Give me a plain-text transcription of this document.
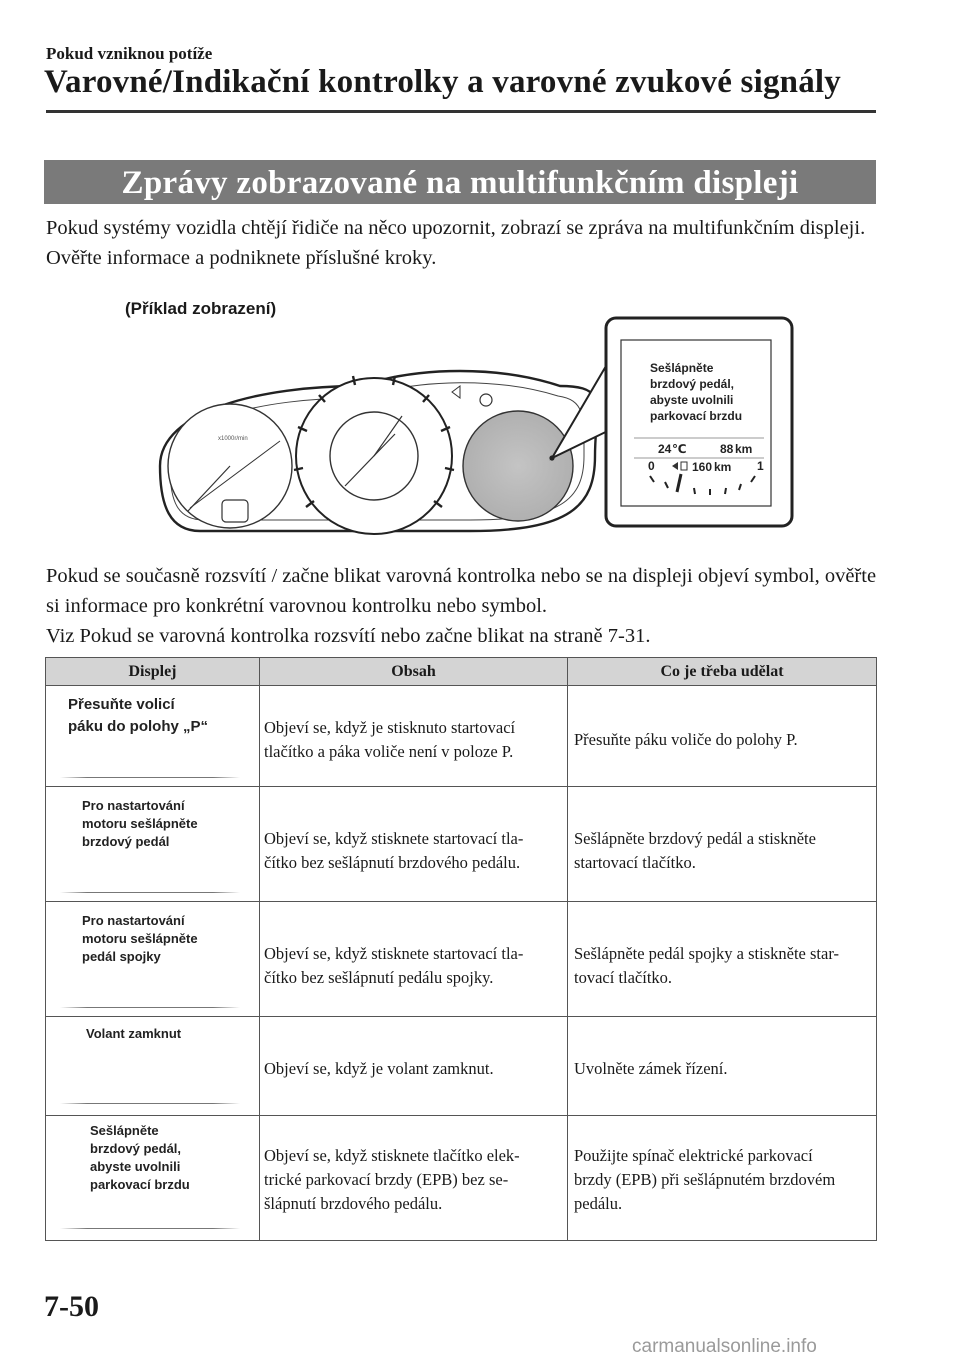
Pokud vzniknou potíže
Varovné/Indikační kontrolky a varovné zvukové signály
Zprávy zobrazované na multifunkčním displeji

Pokud systémy vozidla chtějí řidiče na něco upozornit, zobrazí se zpráva na multifunkčním displeji. Ověřte informace a podniknete příslušné kroky.

(Příklad zobrazení)
x1000r/min
Sešlápněte
brzdový pedál,
abyste uvolnili
parkovací brzdu
24 ℃	88 km
0	1
160 km

Pokud se současně rozsvítí / začne blikat varovná kontrolka nebo se na displeji objeví symbol, ověřte si informace pro konkrétní varovnou kontrolku nebo symbol.
Viz Pokud se varovná kontrolka rozsvítí nebo začne blikat na straně 7-31.

Displej	Obsah	Co je třeba udělat

Přesuňte volicí
páku do polohy „P“	Objeví se, když je stisknuto startovací
tlačítko a páka voliče není v poloze P.	Přesuňte páku voliče do polohy P.

Pro nastartování
motoru sešlápněte
brzdový pedál	Objeví se, když stisknete startovací tla-
čítko bez sešlápnutí brzdového pedálu.	Sešlápněte brzdový pedál a stiskněte
startovací tlačítko.

Pro nastartování
motoru sešlápněte
pedál spojky	Objeví se, když stisknete startovací tla-
čítko bez sešlápnutí pedálu spojky.	Sešlápněte pedál spojky a stiskněte star-
tovací tlačítko.

Volant zamknut	Objeví se, když je volant zamknut.	Uvolněte zámek řízení.

Sešlápněte
brzdový pedál,
abyste uvolnili
parkovací brzdu	Objeví se, když stisknete tlačítko elek-
trické parkovací brzdy (EPB) bez se-
šlápnutí brzdového pedálu.	Použijte spínač elektrické parkovací
brzdy (EPB) při sešlápnutém brzdovém
pedálu.
7-50
carmanualsonline.info
